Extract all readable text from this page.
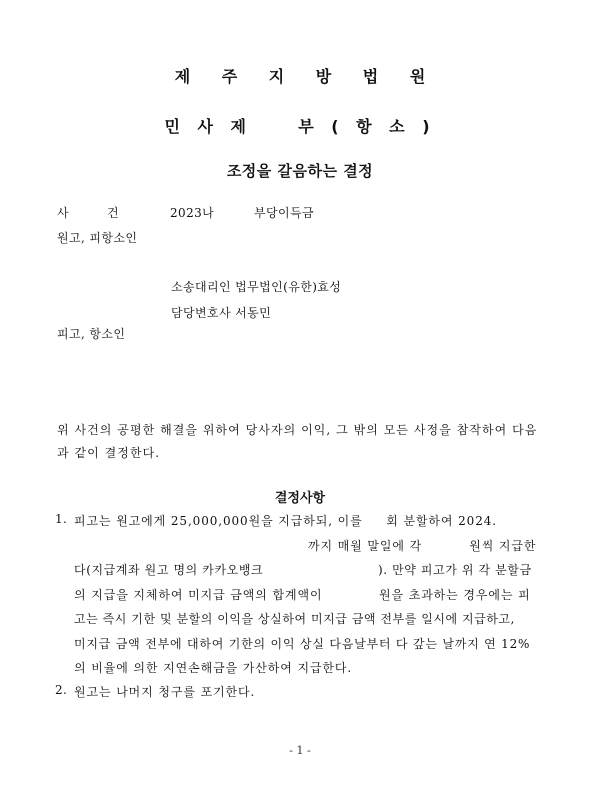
제 주 지 방 법 원
민 사 제    부 ( 항 소 )
조정을 갈음하는 결정
사	건	2023나	부당이득금
원고, 피항소인
소송대리인 법무법인(유한)효성
담당변호사 서동민
피고, 항소인
위 사건의 공평한 해결을 위하여 당사자의 이익, 그 밖의 모든 사정을 참작하여 다음
과 같이 결정한다.
결정사항
1. 피고는 원고에게 25,000,000원을 지급하되, 이를     회 분할하여 2024.
까지 매월 말일에 각          원씩 지급한
다(지급계좌 원고 명의 카카오뱅크                          ). 만약 피고가 위 각 분할금
의 지급을 지체하여 미지급 금액의 합계액이            원을 초과하는 경우에는 피
고는 즉시 기한 및 분할의 이익을 상실하여 미지급 금액 전부를 일시에 지급하고,
미지급 금액 전부에 대하여 기한의 이익 상실 다음날부터 다 갚는 날까지 연 12%
의 비율에 의한 지연손해금을 가산하여 지급한다.
2. 원고는 나머지 청구를 포기한다.
- 1 -
